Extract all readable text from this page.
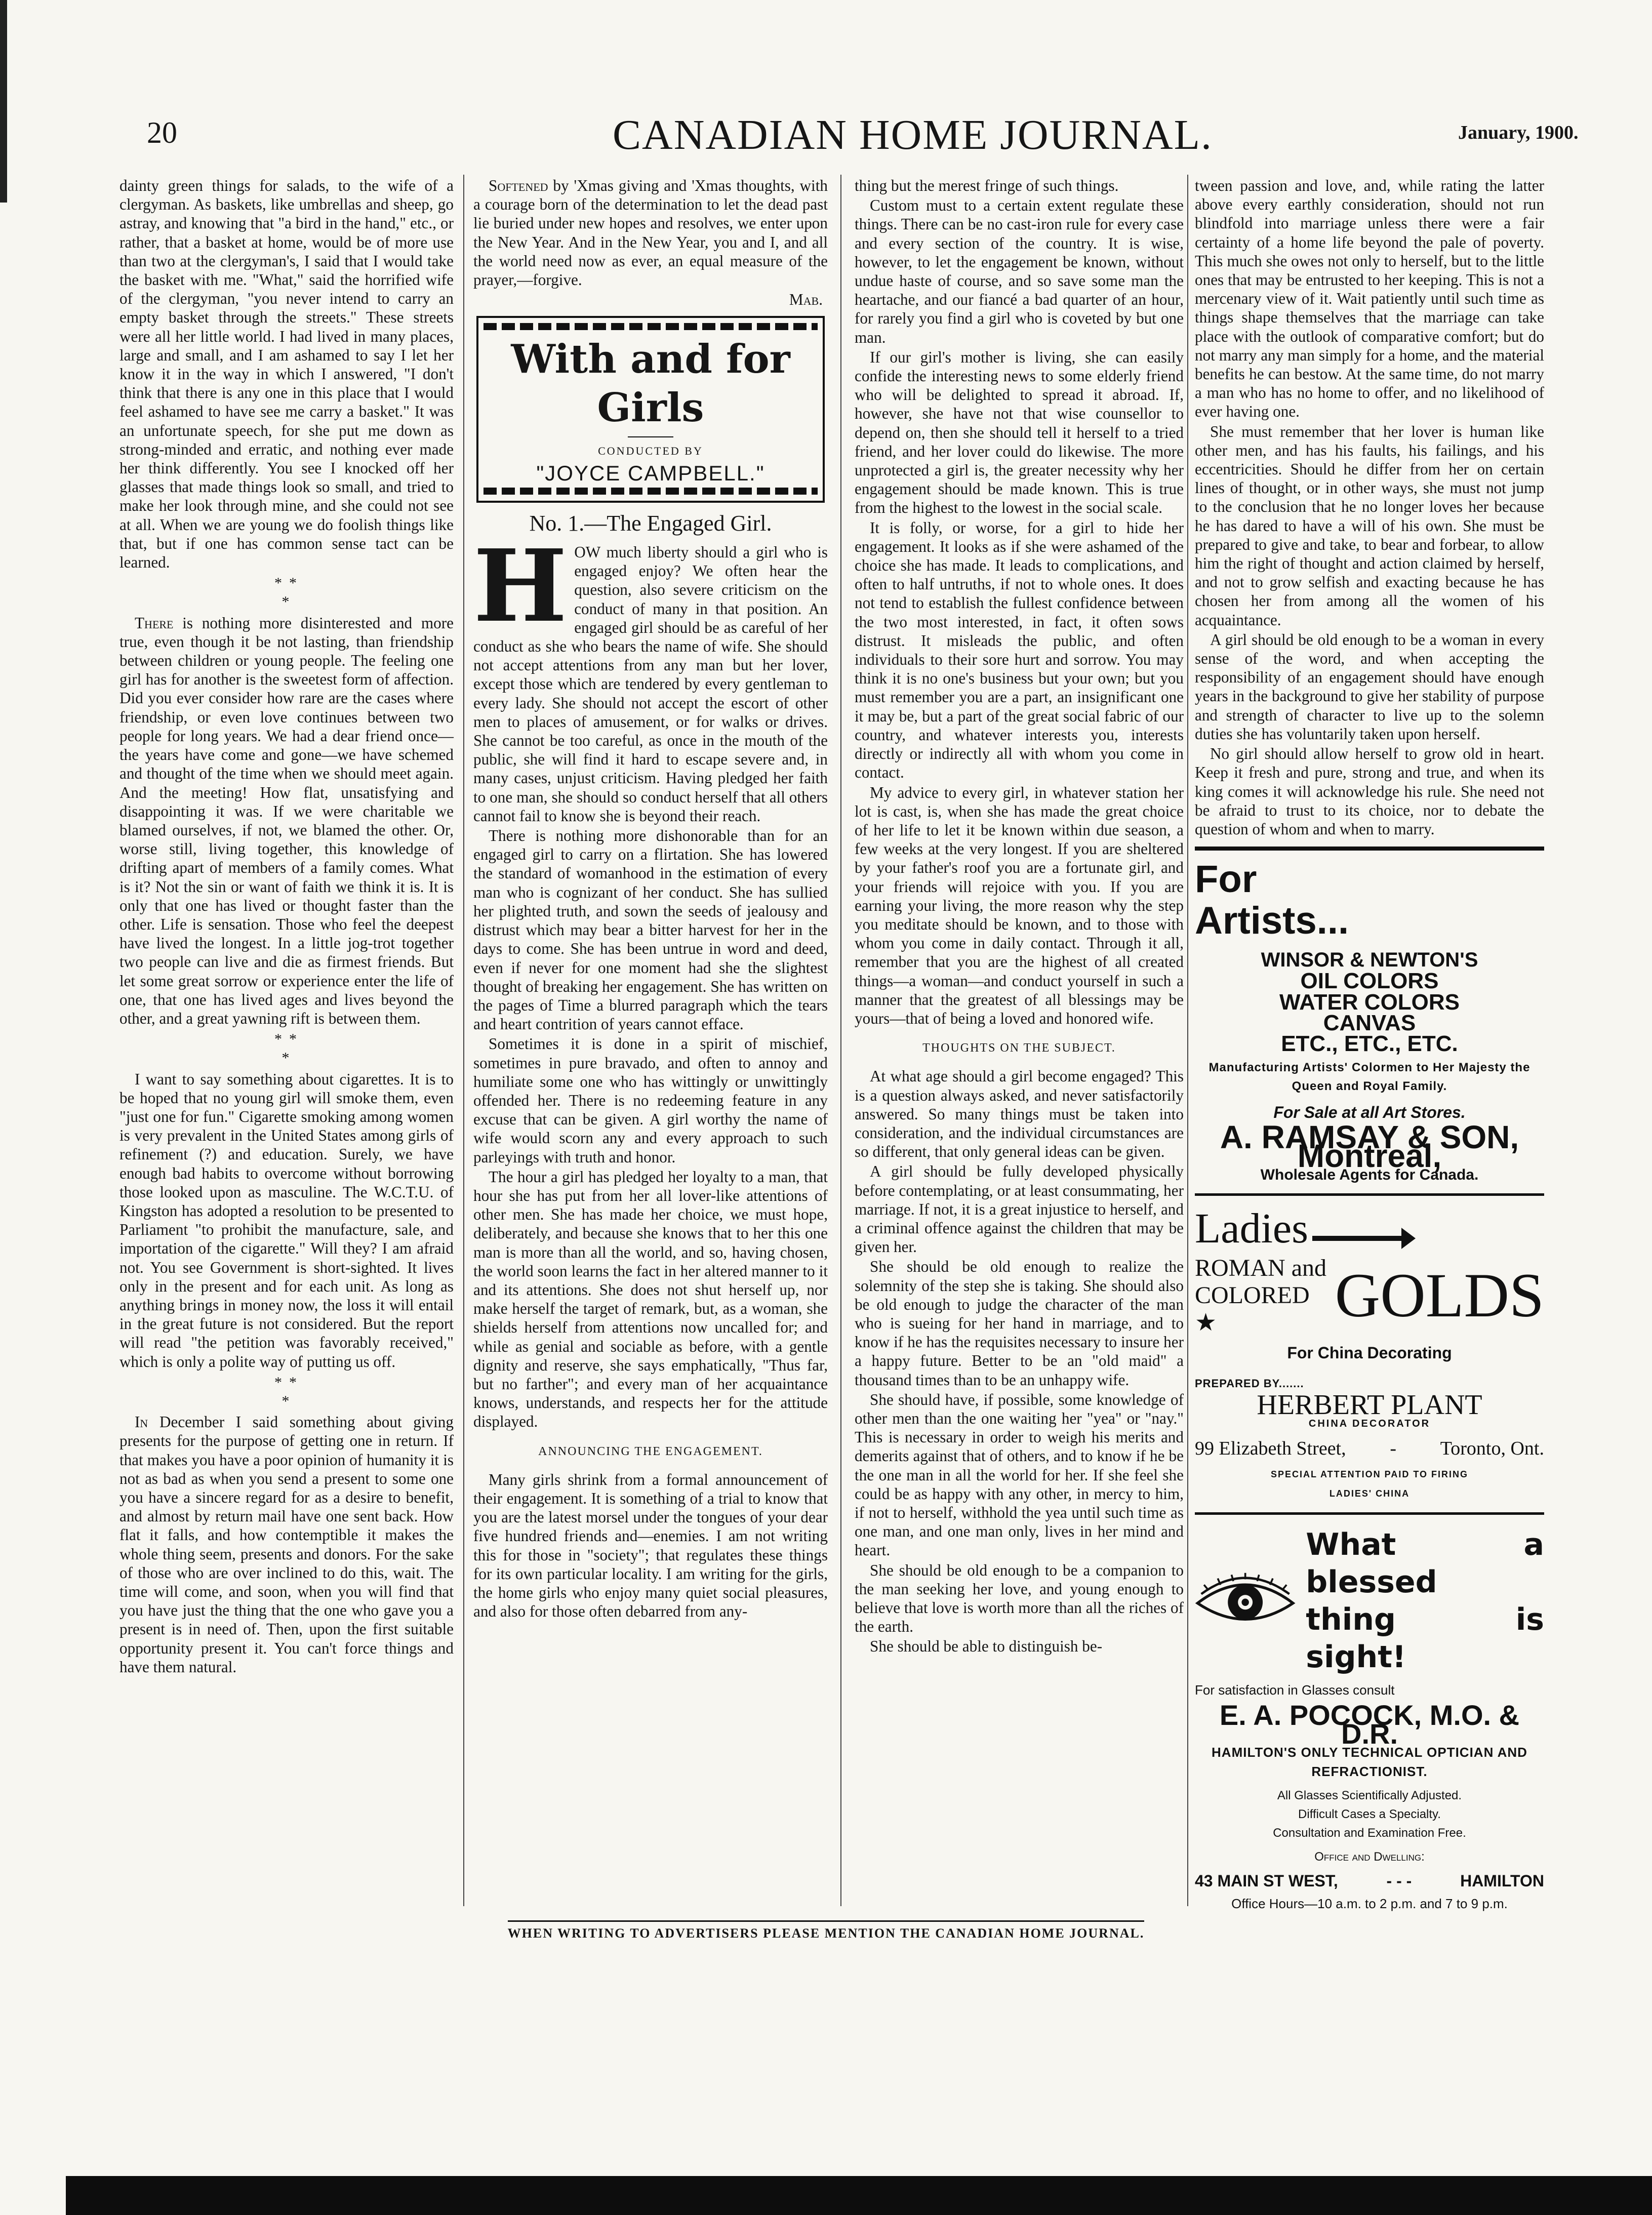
20	CANADIAN HOME JOURNAL.	January, 1900.

dainty green things for salads, to the wife of a clergyman. As baskets, like umbrellas and sheep, go astray, and knowing that "a bird in the hand," etc., or rather, that a basket at home, would be of more use than two at the clergyman's, I said that I would take the basket with me. "What," said the horrified wife of the clergyman, "you never intend to carry an empty basket through the streets." These streets were all her little world. I had lived in many places, large and small, and I am ashamed to say I let her know it in the way in which I answered, "I don't think that there is any one in this place that I would feel ashamed to have see me carry a basket." It was an unfortunate speech, for she put me down as strong-minded and erratic, and nothing ever made her think differently. You see I knocked off her glasses that made things look so small, and tried to make her look through mine, and she could not see at all. When we are young we do foolish things like that, but if one has common sense tact can be learned.

* *
*

There is nothing more disinterested and more true, even though it be not lasting, than friendship between children or young people. The feeling one girl has for another is the sweetest form of affection. Did you ever consider how rare are the cases where friendship, or even love continues between two people for long years. We had a dear friend once—the years have come and gone—we have schemed and thought of the time when we should meet again. And the meeting! How flat, unsatisfying and disappointing it was. If we were charitable we blamed ourselves, if not, we blamed the other. Or, worse still, living together, this knowledge of drifting apart of members of a family comes. What is it? Not the sin or want of faith we think it is. It is only that one has lived or thought faster than the other. Life is sensation. Those who feel the deepest have lived the longest. In a little jog-trot together two people can live and die as firmest friends. But let some great sorrow or experience enter the life of one, that one has lived ages and lives beyond the other, and a great yawning rift is between them.

* *
*

I want to say something about cigarettes. It is to be hoped that no young girl will smoke them, even "just one for fun." Cigarette smoking among women is very prevalent in the United States among girls of refinement (?) and education. Surely, we have enough bad habits to overcome without borrowing those looked upon as masculine. The W.C.T.U. of Kingston has adopted a resolution to be presented to Parliament "to prohibit the manufacture, sale, and importation of the cigarette." Will they? I am afraid not. You see Government is short-sighted. It lives only in the present and for each unit. As long as anything brings in money now, the loss it will entail in the great future is not considered. But the report will read "the petition was favorably received," which is only a polite way of putting us off.

* *
*

In December I said something about giving presents for the purpose of getting one in return. If that makes you have a poor opinion of humanity it is not as bad as when you send a present to some one you have a sincere regard for as a desire to benefit, and almost by return mail have one sent back. How flat it falls, and how contemptible it makes the whole thing seem, presents and donors. For the sake of those who are over inclined to do this, wait. The time will come, and soon, when you will find that you have just the thing that the one who gave you a present is in need of. Then, upon the first suitable opportunity present it. You can't force things and have them natural.

Softened by 'Xmas giving and 'Xmas thoughts, with a courage born of the determination to let the dead past lie buried under new hopes and resolves, we enter upon the New Year. And in the New Year, you and I, and all the world need now as ever, an equal measure of the prayer,—forgive.

Mab.
With and for Girls
CONDUCTED BY
"JOYCE CAMPBELL."
No. 1.—The Engaged Girl.

HOW much liberty should a girl who is engaged enjoy? We often hear the question, also severe criticism on the conduct of many in that position. An engaged girl should be as careful of her conduct as she who bears the name of wife. She should not accept attentions from any man but her lover, except those which are tendered by every gentleman to every lady. She should not accept the escort of other men to places of amusement, or for walks or drives. She cannot be too careful, as once in the mouth of the public, she will find it hard to escape severe and, in many cases, unjust criticism. Having pledged her faith to one man, she should so conduct herself that all others cannot fail to know she is beyond their reach.

There is nothing more dishonorable than for an engaged girl to carry on a flirtation. She has lowered the standard of womanhood in the estimation of every man who is cognizant of her conduct. She has sullied her plighted truth, and sown the seeds of jealousy and distrust which may bear a bitter harvest for her in the days to come. She has been untrue in word and deed, even if never for one moment had she the slightest thought of breaking her engagement. She has written on the pages of Time a blurred paragraph which the tears and heart contrition of years cannot efface.

Sometimes it is done in a spirit of mischief, sometimes in pure bravado, and often to annoy and humiliate some one who has wittingly or unwittingly offended her. There is no redeeming feature in any excuse that can be given. A girl worthy the name of wife would scorn any and every approach to such parleyings with truth and honor.

The hour a girl has pledged her loyalty to a man, that hour she has put from her all lover-like attentions of other men. She has made her choice, we must hope, deliberately, and because she knows that to her this one man is more than all the world, and so, having chosen, the world soon learns the fact in her altered manner to it and its attentions. She does not shut herself up, nor make herself the target of remark, but, as a woman, she shields herself from attentions now uncalled for; and while as genial and sociable as before, with a gentle dignity and reserve, she says emphatically, "Thus far, but no farther"; and every man of her acquaintance knows, understands, and respects her for the attitude displayed.

ANNOUNCING THE ENGAGEMENT.

Many girls shrink from a formal announcement of their engagement. It is something of a trial to know that you are the latest morsel under the tongues of your dear five hundred friends and—enemies. I am not writing this for those in "society"; that regulates these things for its own particular locality. I am writing for the girls, the home girls who enjoy many quiet social pleasures, and also for those often debarred from any-

thing but the merest fringe of such things.

Custom must to a certain extent regulate these things. There can be no cast-iron rule for every case and every section of the country. It is wise, however, to let the engagement be known, without undue haste of course, and so save some man the heartache, and our fiancé a bad quarter of an hour, for rarely you find a girl who is coveted by but one man.

If our girl's mother is living, she can easily confide the interesting news to some elderly friend who will be delighted to spread it abroad. If, however, she have not that wise counsellor to depend on, then she should tell it herself to a tried friend, and her lover could do likewise. The more unprotected a girl is, the greater necessity why her engagement should be made known. This is true from the highest to the lowest in the social scale.

It is folly, or worse, for a girl to hide her engagement. It looks as if she were ashamed of the choice she has made. It leads to complications, and often to half untruths, if not to whole ones. It does not tend to establish the fullest confidence between the two most interested, in fact, it often sows distrust. It misleads the public, and often individuals to their sore hurt and sorrow. You may think it is no one's business but your own; but you must remember you are a part, an insignificant one it may be, but a part of the great social fabric of our country, and whatever interests you, interests directly or indirectly all with whom you come in contact.

My advice to every girl, in whatever station her lot is cast, is, when she has made the great choice of her life to let it be known within due season, a few weeks at the very longest. If you are sheltered by your father's roof you are a fortunate girl, and your friends will rejoice with you. If you are earning your living, the more reason why the step you meditate should be known, and to those with whom you come in daily contact. Through it all, remember that you are the highest of all created things—a woman—and conduct yourself in such a manner that the greatest of all blessings may be yours—that of being a loved and honored wife.

THOUGHTS ON THE SUBJECT.

At what age should a girl become engaged? This is a question always asked, and never satisfactorily answered. So many things must be taken into consideration, and the individual circumstances are so different, that only general ideas can be given.

A girl should be fully developed physically before contemplating, or at least consummating, her marriage. If not, it is a great injustice to herself, and a criminal offence against the children that may be given her.

She should be old enough to realize the solemnity of the step she is taking. She should also be old enough to judge the character of the man who is sueing for her hand in marriage, and to know if he has the requisites necessary to insure her a happy future. Better to be an "old maid" a thousand times than to be an unhappy wife.

She should have, if possible, some knowledge of other men than the one waiting her "yea" or "nay." This is necessary in order to weigh his merits and demerits against that of others, and to know if he be the one man in all the world for her. If she feel she could be as happy with any other, in mercy to him, if not to herself, withhold the yea until such time as one man, and one man only, lives in her mind and heart.

She should be old enough to be a companion to the man seeking her love, and young enough to believe that love is worth more than all the riches of the earth.

She should be able to distinguish be-

tween passion and love, and, while rating the latter above every earthly consideration, should not run blindfold into marriage unless there were a fair certainty of a home life beyond the pale of poverty. This much she owes not only to herself, but to the little ones that may be entrusted to her keeping. This is not a mercenary view of it. Wait patiently until such time as things shape themselves that the marriage can take place with the outlook of comparative comfort; but do not marry any man simply for a home, and the material benefits he can bestow. At the same time, do not marry a man who has no home to offer, and no likelihood of ever having one.

She must remember that her lover is human like other men, and has his faults, his failings, and his eccentricities. Should he differ from her on certain lines of thought, or in other ways, she must not jump to the conclusion that he no longer loves her because he has dared to have a will of his own. She must be prepared to give and take, to bear and forbear, to allow him the right of thought and action claimed by herself, and not to grow selfish and exacting because he has chosen her from among all the women of his acquaintance.

A girl should be old enough to be a woman in every sense of the word, and when accepting the responsibility of an engagement should have enough years in the background to give her stability of purpose and strength of character to live up to the solemn duties she has voluntarily taken upon herself.

No girl should allow herself to grow old in heart. Keep it fresh and pure, strong and true, and when its king comes it will acknowledge his rule. She need not be afraid to trust to its choice, nor to debate the question of whom and when to marry.

For
Artists...
WINSOR & NEWTON'S
OIL COLORS
WATER COLORS
CANVAS
ETC., ETC., ETC.
Manufacturing Artists' Colormen to Her Majesty the Queen and Royal Family.
For Sale at all Art Stores.
A. RAMSAY & SON, Montreal,
Wholesale Agents for Canada.
Ladies
ROMAN and
COLORED ★	GOLDS
For China Decorating
PREPARED BY.......
HERBERT PLANT
CHINA DECORATOR
99 Elizabeth Street, - Toronto, Ont.
SPECIAL ATTENTION PAID TO FIRING
LADIES' CHINA
What a blessed
thing is sight!
For satisfaction in Glasses consult
E. A. POCOCK, M.O. & D.R.
HAMILTON'S ONLY TECHNICAL OPTICIAN AND
REFRACTIONIST.
All Glasses Scientifically Adjusted.
Difficult Cases a Specialty.
Consultation and Examination Free.
Office and Dwelling:
43 MAIN ST WEST,	- - -	HAMILTON
Office Hours—10 a.m. to 2 p.m. and 7 to 9 p.m.
WHEN WRITING TO ADVERTISERS PLEASE MENTION THE CANADIAN HOME JOURNAL.
